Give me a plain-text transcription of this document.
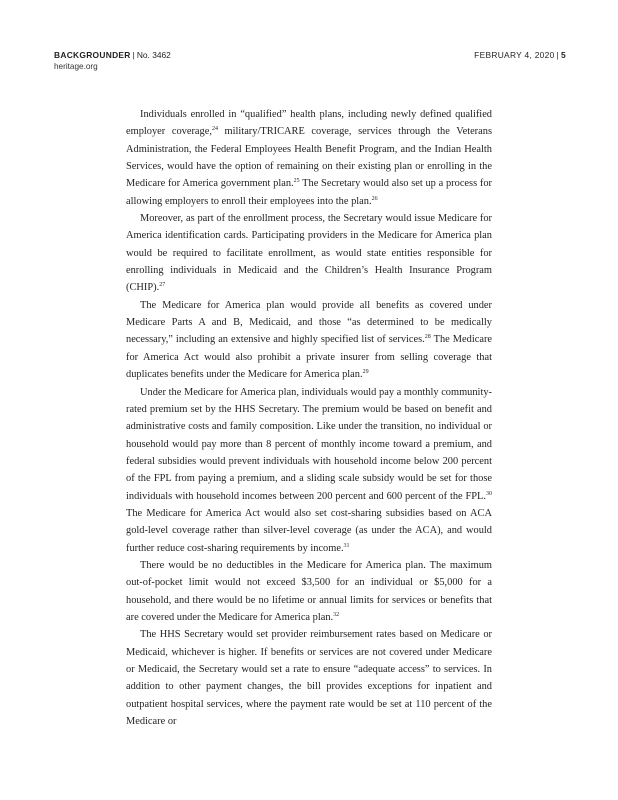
BACKGROUNDER | No. 3462
heritage.org
FEBRUARY 4, 2020 | 5

Individuals enrolled in “qualified” health plans, including newly defined qualified employer coverage,$^{24}$ military/TRICARE coverage, services through the Veterans Administration, the Federal Employees Health Benefit Program, and the Indian Health Services, would have the option of remaining on their existing plan or enrolling in the Medicare for America government plan.$^{25}$ The Secretary would also set up a process for allowing employers to enroll their employees into the plan.$^{26}$

Moreover, as part of the enrollment process, the Secretary would issue Medicare for America identification cards. Participating providers in the Medicare for America plan would be required to facilitate enrollment, as would state entities responsible for enrolling individuals in Medicaid and the Children’s Health Insurance Program (CHIP).$^{27}$

The Medicare for America plan would provide all benefits as covered under Medicare Parts A and B, Medicaid, and those “as determined to be medically necessary,” including an extensive and highly specified list of services.$^{28}$ The Medicare for America Act would also prohibit a private insurer from selling coverage that duplicates benefits under the Medicare for America plan.$^{29}$

Under the Medicare for America plan, individuals would pay a monthly community-rated premium set by the HHS Secretary. The premium would be based on benefit and administrative costs and family composition. Like under the transition, no individual or household would pay more than 8 percent of monthly income toward a premium, and federal subsidies would prevent individuals with household income below 200 percent of the FPL from paying a premium, and a sliding scale subsidy would be set for those individuals with household incomes between 200 percent and 600 percent of the FPL.$^{30}$ The Medicare for America Act would also set cost-sharing subsidies based on ACA gold-level coverage rather than silver-level coverage (as under the ACA), and would further reduce cost-sharing requirements by income.$^{31}$

There would be no deductibles in the Medicare for America plan. The maximum out-of-pocket limit would not exceed $3,500 for an individual or $5,000 for a household, and there would be no lifetime or annual limits for services or benefits that are covered under the Medicare for America plan.$^{32}$

The HHS Secretary would set provider reimbursement rates based on Medicare or Medicaid, whichever is higher. If benefits or services are not covered under Medicare or Medicaid, the Secretary would set a rate to ensure “adequate access” to services. In addition to other payment changes, the bill provides exceptions for inpatient and outpatient hospital services, where the payment rate would be set at 110 percent of the Medicare or
